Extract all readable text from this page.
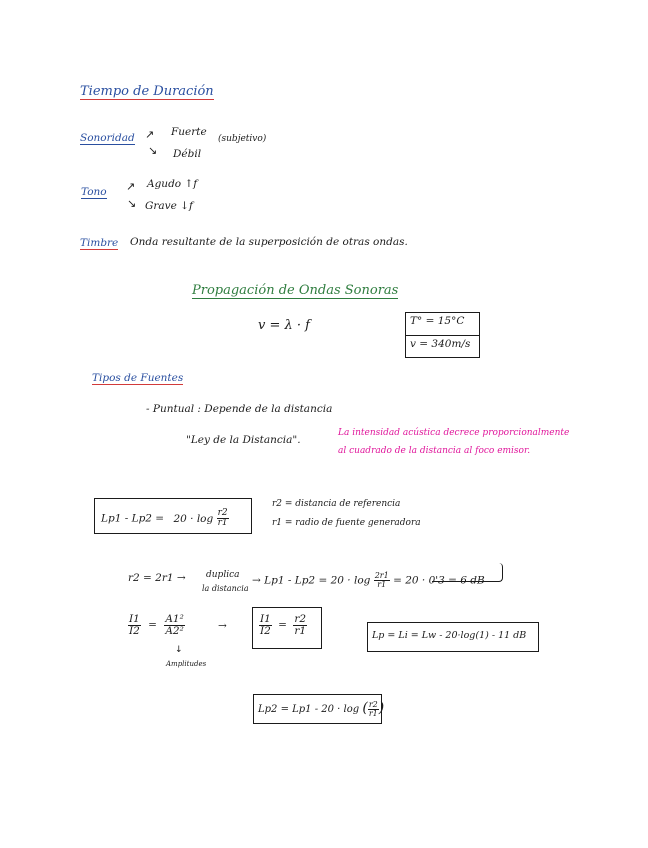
Tiempo de Duración
Sonoridad ↗
↘
Fuerte
Débil
(subjetivo)
Tono ↗
↘
Agudo ↑f
Grave ↓f
Timbre Onda resultante de la superposición de otras ondas.
Propagación de Ondas Sonoras
v = λ · f	T° = 15°C
v = 340m/s
Tipos de Fuentes
- Puntual : Depende de la distancia
"Ley de la Distancia".
La intensidad acústica decrece proporcionalmente
al cuadrado de la distancia al foco emisor.
$Lp1 - Lp2 = 20 \cdot \log \frac{r2}{r1}$
r2 = distancia de referencia
r1 = radio de fuente generadora
r2 = 2r1 → duplica
la distancia
→ $Lp1 - Lp2 = 20 \cdot \log \frac{2r1}{r1} = 20 \cdot 0'3 = 6$ dB
$\frac{I1}{I2} = \frac{\text{A1²}}{\text{A2²}}$
↓
Amplitudes
→	$\frac{I1}{I2} = \frac{r2}{r1}$	Lp = Li = Lw - 20·log(1) - 11 dB
Lp2 = Lp1 - 20 · log ( $\frac{r2}{r1}$ )
